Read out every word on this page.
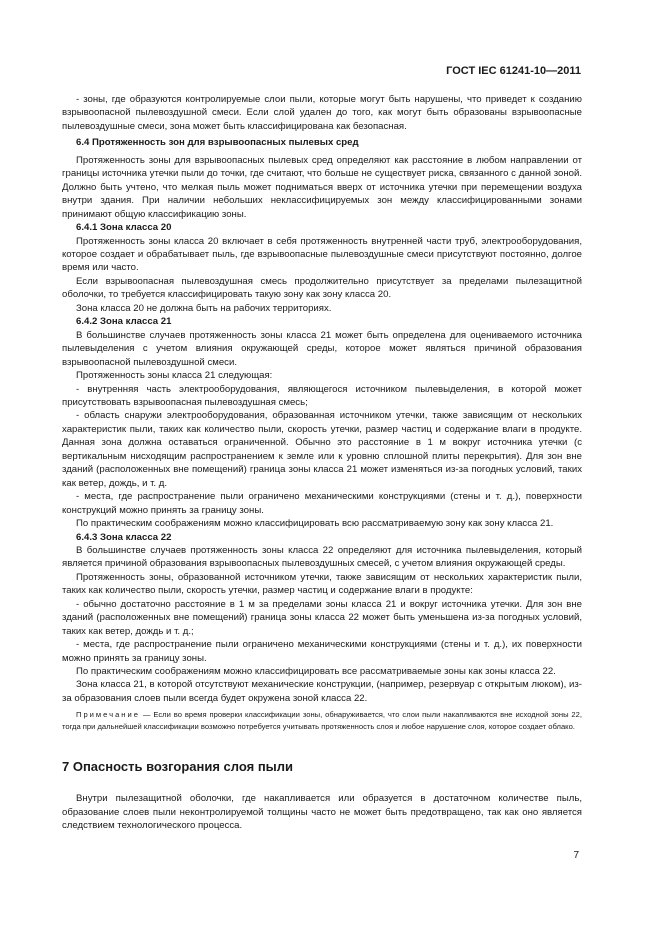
ГОСТ IEC 61241-10—2011

- зоны, где образуются контролируемые слои пыли, которые могут быть нарушены, что приведет к созданию взрывоопасной пылевоздушной смеси. Если слой удален до того, как могут быть образованы взрывоопасные пылевоздушные смеси, зона может быть классифицирована как безопасная.

6.4 Протяженность зон для взрывоопасных пылевых сред

Протяженность зоны для взрывоопасных пылевых сред определяют как расстояние в любом направлении от границы источника утечки пыли до точки, где считают, что больше не существует риска, связанного с данной зоной. Должно быть учтено, что мелкая пыль может подниматься вверх от источника утечки при перемещении воздуха внутри здания. При наличии небольших неклассифицируемых зон между классифицированными зонами принимают общую классификацию зоны.

6.4.1 Зона класса 20

Протяженность зоны класса 20 включает в себя протяженность внутренней части труб, электрооборудования, которое создает и обрабатывает пыль, где взрывоопасные пылевоздушные смеси присутствуют постоянно, долгое время или часто.

Если взрывоопасная пылевоздушная смесь продолжительно присутствует за пределами пылезащитной оболочки, то требуется классифицировать такую зону как зону класса 20.

Зона класса 20 не должна быть на рабочих территориях.

6.4.2 Зона класса 21

В большинстве случаев протяженность зоны класса 21 может быть определена для оцениваемого источника пылевыделения с учетом влияния окружающей среды, которое может являться причиной образования взрывоопасной пылевоздушной смеси.

Протяженность зоны класса 21 следующая:

- внутренняя часть электрооборудования, являющегося источником пылевыделения, в которой может присутствовать взрывоопасная пылевоздушная смесь;

- область снаружи электрооборудования, образованная источником утечки, также зависящим от нескольких характеристик пыли, таких как количество пыли, скорость утечки, размер частиц и содержание влаги в продукте. Данная зона должна оставаться ограниченной. Обычно это расстояние в 1 м вокруг источника утечки (с вертикальным нисходящим распространением к земле или к уровню сплошной плиты перекрытия). Для зон вне зданий (расположенных вне помещений) граница зоны класса 21 может изменяться из-за погодных условий, таких как ветер, дождь, и т. д.

- места, где распространение пыли ограничено механическими конструкциями (стены и т. д.), поверхности конструкций можно принять за границу зоны.

По практическим соображениям можно классифицировать всю рассматриваемую зону как зону класса 21.

6.4.3 Зона класса 22

В большинстве случаев протяженность зоны класса 22 определяют для источника пылевыделения, который является причиной образования взрывоопасных пылевоздушных смесей, с учетом влияния окружающей среды.

Протяженность зоны, образованной источником утечки, также зависящим от нескольких характеристик пыли, таких как количество пыли, скорость утечки, размер частиц и содержание влаги в продукте:

- обычно достаточно расстояние в 1 м за пределами зоны класса 21 и вокруг источника утечки. Для зон вне зданий (расположенных вне помещений) граница зоны класса 22 может быть уменьшена из-за погодных условий, таких как ветер, дождь и т. д.;

- места, где распространение пыли ограничено механическими конструкциями (стены и т. д.), их поверхности можно принять за границу зоны.

По практическим соображениям можно классифицировать все рассматриваемые зоны как зоны класса 22.

Зона класса 21, в которой отсутствуют механические конструкции, (например, резервуар с открытым люком), из-за образования слоев пыли всегда будет окружена зоной класса 22.

Примечание — Если во время проверки классификации зоны, обнаруживается, что слои пыли накапливаются вне исходной зоны 22, тогда при дальнейшей классификации возможно потребуется учитывать протяженность слоя и любое нарушение слоя, которое создает облако.

7 Опасность возгорания слоя пыли

Внутри пылезащитной оболочки, где накапливается или образуется в достаточном количестве пыль, образование слоев пыли неконтролируемой толщины часто не может быть предотвращено, так как оно является следствием технологического процесса.

7
